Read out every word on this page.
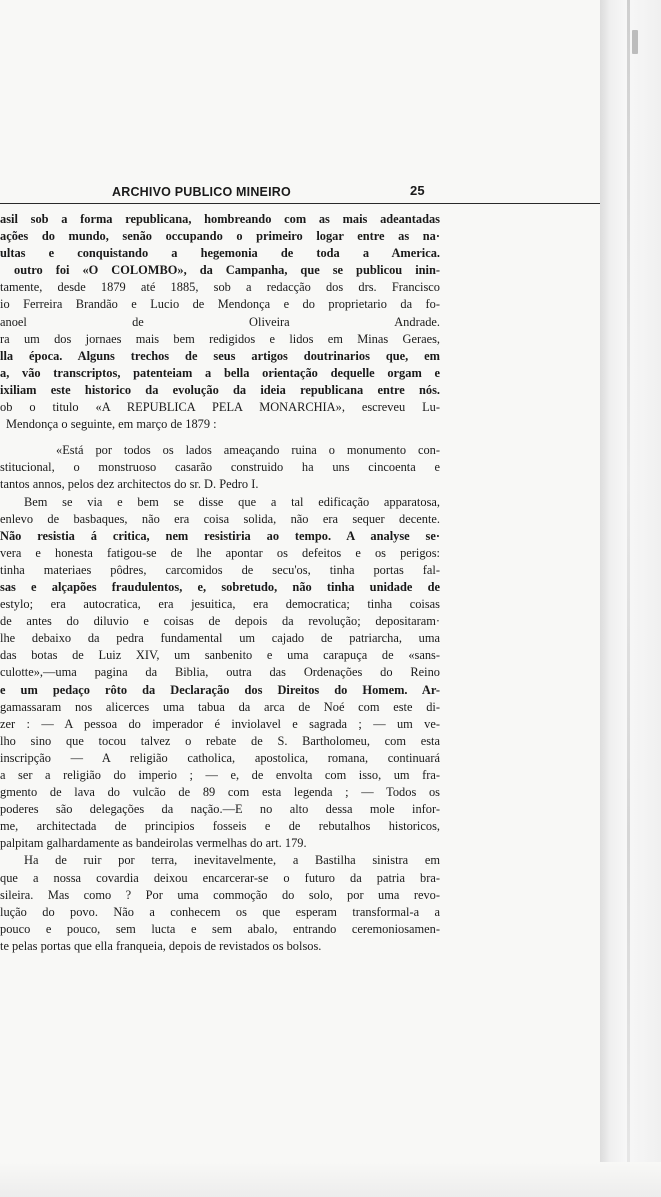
ARCHIVO PUBLICO MINEIRO	25
asil sob a forma republicana, hombreando com as mais adeantadas
ações do mundo, senão occupando o primeiro logar entre as na·
ultas e conquistando a hegemonia de toda a America.
outro foi «O COLOMBO», da Campanha, que se publicou inin-
tamente, desde 1879 até 1885, sob a redacção dos drs. Francisco
io Ferreira Brandão e Lucio de Mendonça e do proprietario da fo-
anoel de Oliveira Andrade.
ra um dos jornaes mais bem redigidos e lidos em Minas Geraes,
lla época. Alguns trechos de seus artigos doutrinarios que, em
a, vão transcriptos, patenteiam a bella orientação dequelle orgam e
ixiliam este historico da evolução da ideia republicana entre nós.
ob o titulo «A REPUBLICA PELA MONARCHIA», escreveu Lu-
Mendonça o seguinte, em março de 1879 :
«Está por todos os lados ameaçando ruina o monumento con-
stitucional, o monstruoso casarão construido ha uns cincoenta e
tantos annos, pelos dez architectos do sr. D. Pedro I.
Bem se via e bem se disse que a tal edificação apparatosa,
enlevo de basbaques, não era coisa solida, não era sequer decente.
Não resistia á critica, nem resistiria ao tempo. A analyse se·
vera e honesta fatigou-se de lhe apontar os defeitos e os perigos:
tinha materiaes pôdres, carcomidos de secu'os, tinha portas fal-
sas e alçapões fraudulentos, e, sobretudo, não tinha unidade de
estylo; era autocratica, era jesuitica, era democratica; tinha coisas
de antes do diluvio e coisas de depois da revolução; depositaram·
lhe debaixo da pedra fundamental um cajado de patriarcha, uma
das botas de Luiz XIV, um sanbenito e uma carapuça de «sans-
culotte»,—uma pagina da Biblia, outra das Ordenações do Reino
e um pedaço rôto da Declaração dos Direitos do Homem. Ar-
gamassaram nos alicerces uma tabua da arca de Noé com este di-
zer : — A pessoa do imperador é inviolavel e sagrada ; — um ve-
lho sino que tocou talvez o rebate de S. Bartholomeu, com esta
inscripção — A religião catholica, apostolica, romana, continuará
a ser a religião do imperio ; — e, de envolta com isso, um fra-
gmento de lava do vulcão de 89 com esta legenda ; — Todos os
poderes são delegações da nação.—E no alto dessa mole infor-
me, architectada de principios fosseis e de rebutalhos historicos,
palpitam galhardamente as bandeirolas vermelhas do art. 179.
Ha de ruir por terra, inevitavelmente, a Bastilha sinistra em
que a nossa covardia deixou encarcerar-se o futuro da patria bra-
sileira. Mas como ? Por uma commoção do solo, por uma revo-
lução do povo. Não a conhecem os que esperam transformal-a a
pouco e pouco, sem lucta e sem abalo, entrando ceremoniosamen-
te pelas portas que ella franqueia, depois de revistados os bolsos.
